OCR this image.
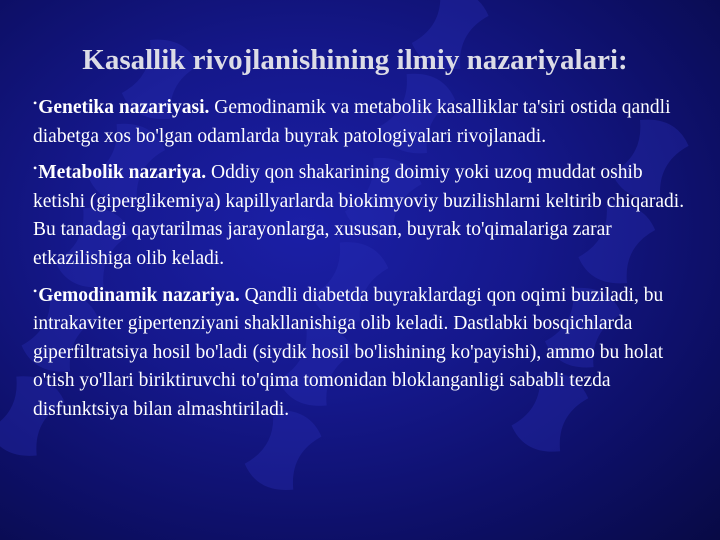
Kasallik rivojlanishining ilmiy nazariyalari:
•Genetika nazariyasi. Gemodinamik va metabolik kasalliklar ta'siri ostida qandli diabetga xos bo'lgan odamlarda buyrak patologiyalari rivojlanadi.
•Metabolik nazariya. Oddiy qon shakarining doimiy yoki uzoq muddat oshib ketishi (giperglikemiya) kapillyarlarda biokimyoviy buzilishlarni keltirib chiqaradi. Bu tanadagi qaytarilmas jarayonlarga, xususan, buyrak to'qimalariga zarar etkazilishiga olib keladi.
•Gemodinamik nazariya. Qandli diabetda buyraklardagi qon oqimi buziladi, bu intrakaviter gipertenziyani shakllanishiga olib keladi. Dastlabki bosqichlarda giperfiltratsiya hosil bo'ladi (siydik hosil bo'lishining ko'payishi), ammo bu holat o'tish yo'llari biriktiruvchi to'qima tomonidan bloklanganligi sababli tezda disfunktsiya bilan almashtiriladi.
